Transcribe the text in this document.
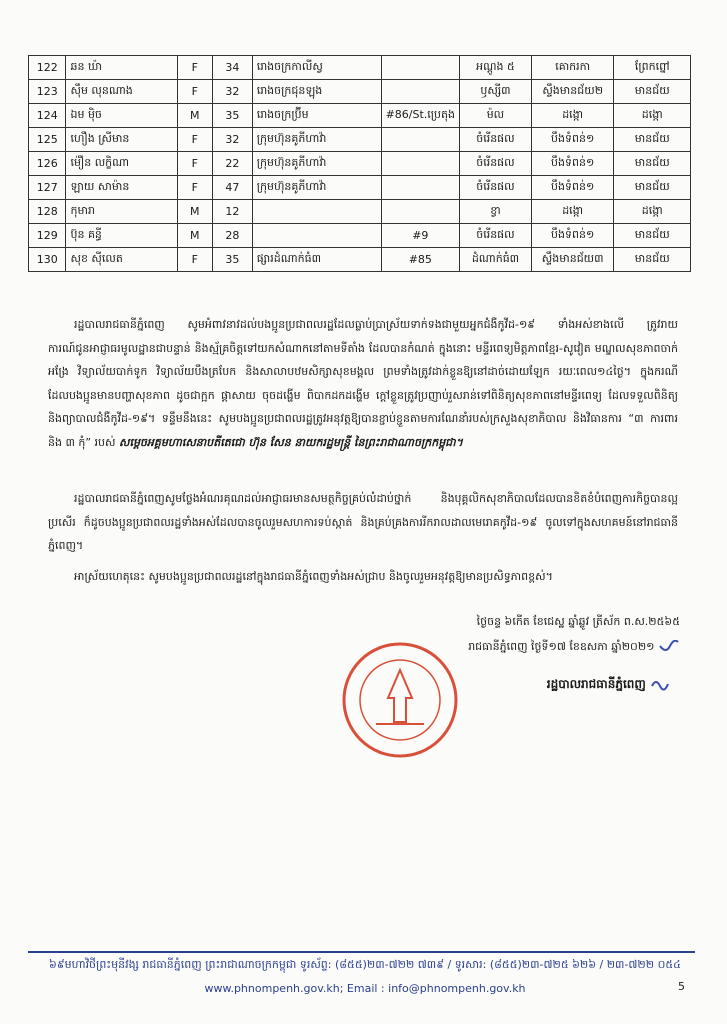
122	ឆន ឃ៉ា	F	34	រោងចក្រកាលីស្វ		អណ្តូង ៥	គោករកា	ព្រែកព្នៅ
123	ស៊ឹម លុនណាង	F	32	រោងចក្រជុនឡុង		ឫស្សី៣	ស្ទឹងមានជ័យ២	មានជ័យ
124	ឯម ម៉ិច	M	35	រោងចក្រប៊្រីម	#86/St.ប្រេតុង	ម៉ល	ដង្កោ	ដង្កោ
125	ហឿង ស្រីមាន	F	32	ក្រុមហ៊ុនគូភីហាវ៉ា		ចំរើនផល	បឹងទំពន់១	មានជ័យ
126	ម៉ឿន លក្ខិណា	F	22	ក្រុមហ៊ុនគូភីហាវ៉ា		ចំរើនផល	បឹងទំពន់១	មានជ័យ
127	ឡាយ សាម៉ាន	F	47	ក្រុមហ៊ុនគូភីហាវ៉ា		ចំរើនផល	បឹងទំពន់១	មានជ័យ
128	កុមារា	M	12			ខ្វា	ដង្កោ	ដង្កោ
129	ប៊ុន គន្ធី	M	28		#9	ចំរើនផល	បឹងទំពន់១	មានជ័យ
130	សុខ ស៊ីលេត	F	35	ផ្សារដំណាក់ធំ៣	#85	ដំណាក់ធំ៣	ស្ទឹងមានជ័យ៣	មានជ័យ
រដ្ឋបាលរាជធានីភ្នំពេញ សូមអំពាវនាវដល់បងប្អូនប្រជាពលរដ្ឋដែលធ្លាប់ប្រាស្រ័យទាក់ទងជាមួយអ្នកជំងឺកូវីដ-១៩ ទាំងអស់ខាងលើ ត្រូវរាយការណ៍ជូនអាជ្ញាធរមូលដ្ឋានជាបន្ទាន់ និងស្ម័គ្រចិត្តទៅយកសំណាកនៅតាមទីតាំង ដែលបានកំណត់ ក្នុងនោះ មន្ទីរពេទ្យមិត្តភាពខ្មែរ-សូវៀត មណ្ឌលសុខភាពចាក់អង្រែ វិទ្យាល័យបាក់ទូក វិទ្យាល័យបឹងត្របែក និងសាលាបឋមសិក្សាសុខមង្គល ព្រមទាំងត្រូវដាក់ខ្លួនឱ្យនៅដាច់ដោយឡែក រយៈពេល១៤ថ្ងៃ។ ក្នុងករណីដែលបងប្អូនមានបញ្ហាសុខភាព ដូចជាក្អក ផ្តាសាយ ចុចដង្ហើម ពិបាកដកដង្ហើម ក្តៅខ្លួនត្រូវប្រញាប់រួសរាន់ទៅពិនិត្យសុខភាពនៅមន្ទីរពេទ្យ ដែលទទួលពិនិត្យ និងព្យាបាលជំងឺកូវីដ-១៩។ ទន្ទឹមនឹងនេះ សូមបងប្អូនប្រជាពលរដ្ឋត្រូវអនុវត្តឱ្យបានខ្ជាប់ខ្ជួនតាមការណែនាំរបស់ក្រសួងសុខាភិបាល និងវិធានការ “៣ ការពារ និង ៣ កុំ” របស់ សម្តេចអគ្គមហាសេនាបតីតេជោ ហ៊ុន សែន នាយករដ្ឋមន្ត្រី នៃព្រះរាជាណាចក្រកម្ពុជា។
រដ្ឋបាលរាជធានីភ្នំពេញសូមថ្លែងអំណរគុណដល់អាជ្ញាធរមានសមត្ថកិច្ចគ្រប់លំដាប់ថ្នាក់ និងបុគ្គលិកសុខាភិបាលដែលបានខិតខំបំពេញការកិច្ចបានល្អប្រសើរ ក៏ដូចបងប្អូនប្រជាពលរដ្ឋទាំងអស់ដែលបានចូលរួមសហការទប់ស្កាត់ និងគ្រប់គ្រងការរីករាលដាលមេរោគកូវីដ-១៩ ចូលទៅក្នុងសហគមន៍នៅរាជធានីភ្នំពេញ។
អាស្រ័យហេតុនេះ សូមបងប្អូនប្រជាពលរដ្ឋនៅក្នុងរាជធានីភ្នំពេញទាំងអស់ជ្រាប និងចូលរួមអនុវត្តឱ្យមានប្រសិទ្ធភាពខ្ពស់។
ថ្ងៃចន្ទ ៦កើត ខែជេស្ឋ ឆ្នាំឆ្លូវ ត្រីស័ក ព.ស.២៥៦៥
រាជធានីភ្នំពេញ ថ្ងៃទី១៧ ខែឧសភា ឆ្នាំ២០២១
រដ្ឋបាលរាជធានីភ្នំពេញ
៦៩មហាវិថីព្រះមុនីវង្ស រាជធានីភ្នំពេញ ព្រះរាជាណាចក្រកម្ពុជា ទូរស័ព្ទ: (៨៥៥)២៣-៧២២ ៧៣៩ / ទូរសារ: (៨៥៥)២៣-៧២៥ ៦២៦ / ២៣-៧២២ ០៥៤
www.phnompenh.gov.kh; Email : info@phnompenh.gov.kh	5
